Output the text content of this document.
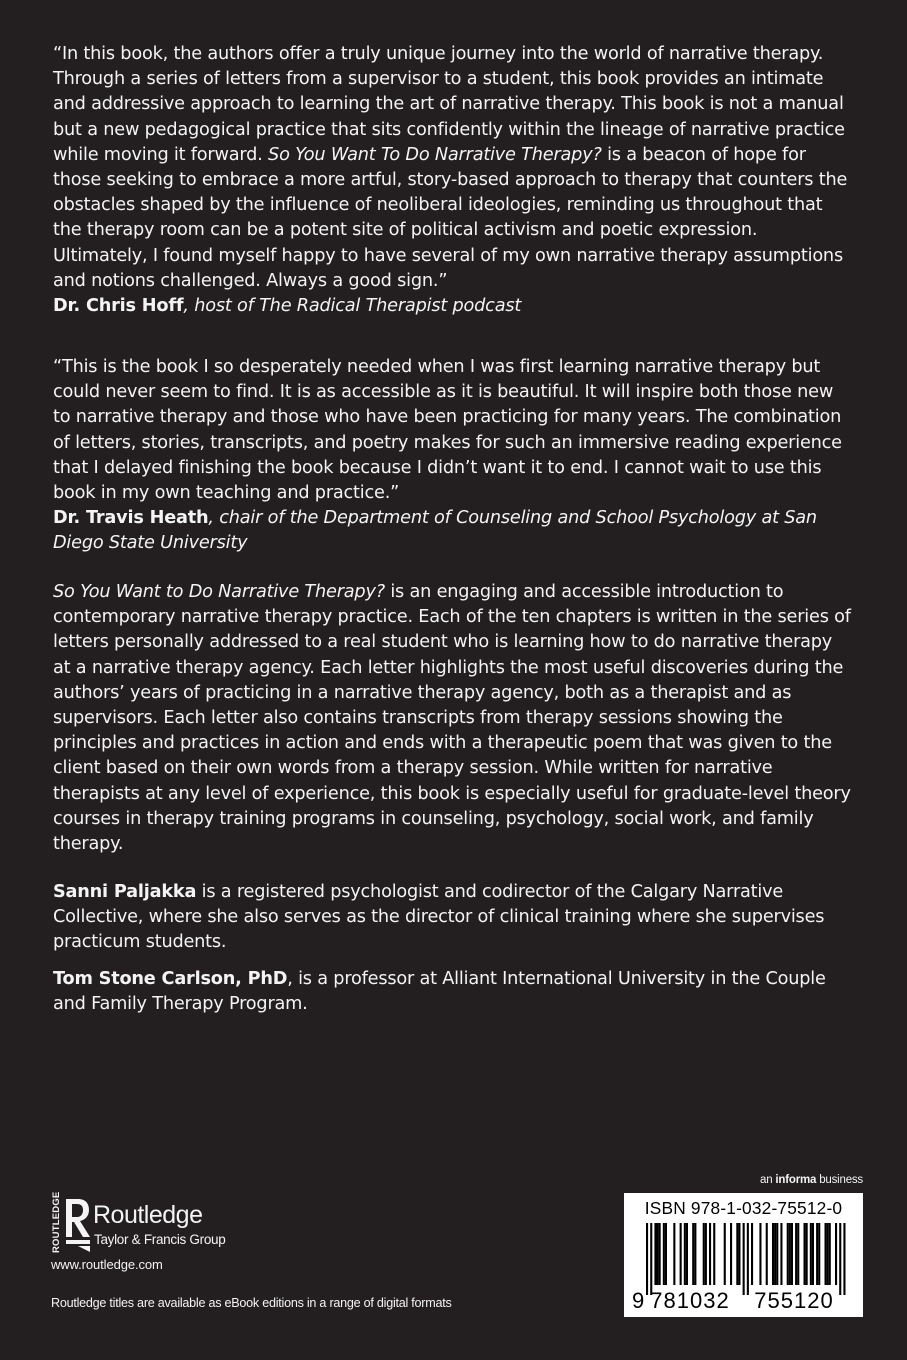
“In this book, the authors offer a truly unique journey into the world of narrative therapy. Through a series of letters from a supervisor to a student, this book provides an intimate and addressive approach to learning the art of narrative therapy. This book is not a manual but a new pedagogical practice that sits confidently within the lineage of narrative practice while moving it forward. So You Want To Do Narrative Therapy? is a beacon of hope for those seeking to embrace a more artful, story-based approach to therapy that counters the obstacles shaped by the influence of neoliberal ideologies, reminding us throughout that the therapy room can be a potent site of political activism and poetic expression. Ultimately, I found myself happy to have several of my own narrative therapy assumptions and notions challenged. Always a good sign.”

Dr. Chris Hoff, host of The Radical Therapist podcast

“This is the book I so desperately needed when I was first learning narrative therapy but could never seem to find. It is as accessible as it is beautiful. It will inspire both those new to narrative therapy and those who have been practicing for many years. The combination of letters, stories, transcripts, and poetry makes for such an immersive reading experience that I delayed finishing the book because I didn’t want it to end. I cannot wait to use this book in my own teaching and practice.”

Dr. Travis Heath, chair of the Department of Counseling and School Psychology at San Diego State University

So You Want to Do Narrative Therapy? is an engaging and accessible introduction to contemporary narrative therapy practice. Each of the ten chapters is written in the series of letters personally addressed to a real student who is learning how to do narrative therapy at a narrative therapy agency. Each letter highlights the most useful discoveries during the authors’ years of practicing in a narrative therapy agency, both as a therapist and as supervisors. Each letter also contains transcripts from therapy sessions showing the principles and practices in action and ends with a therapeutic poem that was given to the client based on their own words from a therapy session. While written for narrative therapists at any level of experience, this book is especially useful for graduate-level theory courses in therapy training programs in counseling, psychology, social work, and family therapy.

Sanni Paljakka is a registered psychologist and codirector of the Calgary Narrative Collective, where she also serves as the director of clinical training where she supervises practicum students.

Tom Stone Carlson, PhD, is a professor at Alliant International University in the Couple and Family Therapy Program.

ROUTLEDGE Routledge
Taylor & Francis Group
www.routledge.com
Routledge titles are available as eBook editions in a range of digital formats
an informa business
ISBN 978-1-032-75512-0
9 781032 755120
